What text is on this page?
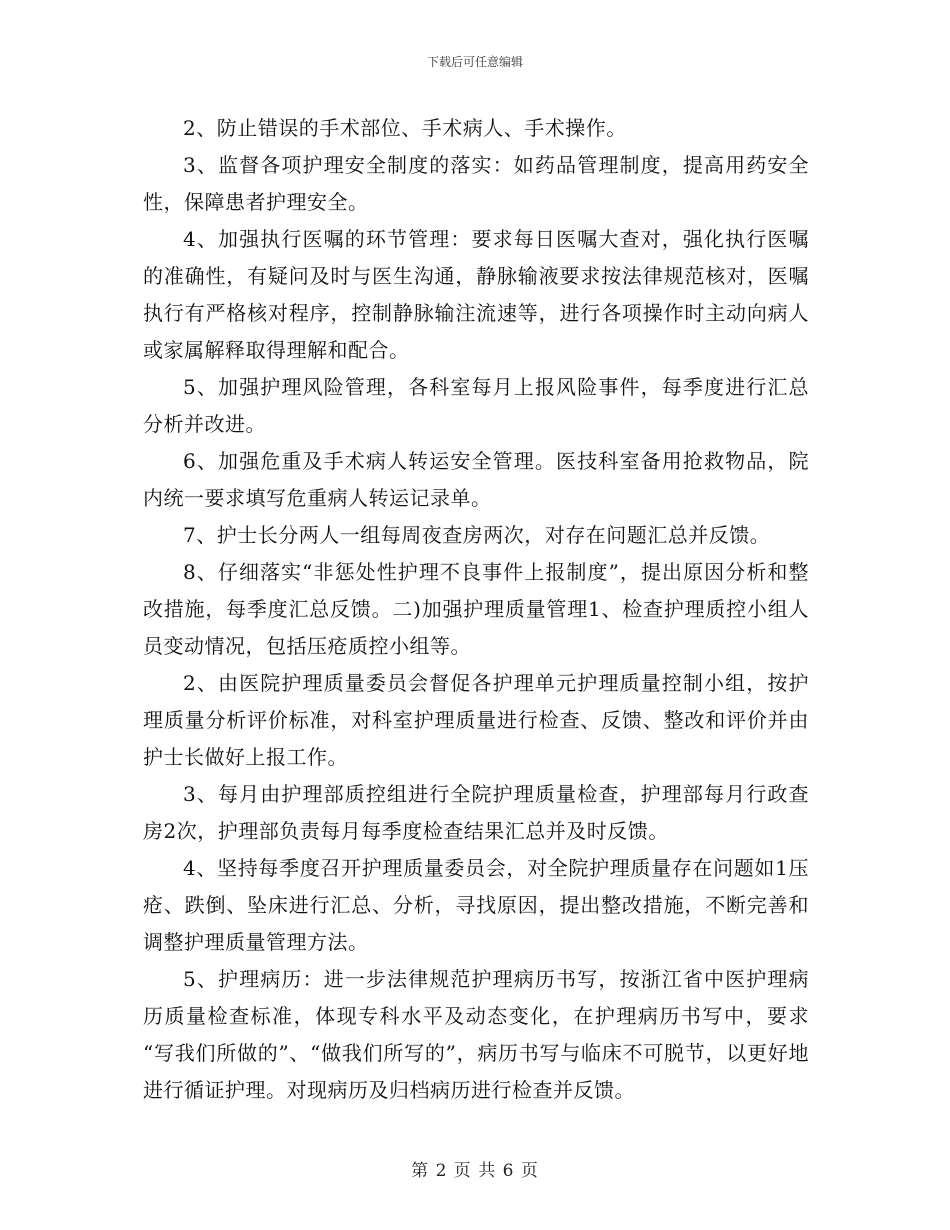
下载后可任意编辑

2、防止错误的手术部位、手术病人、手术操作。

3、监督各项护理安全制度的落实：如药品管理制度，提高用药安全性，保障患者护理安全。

4、加强执行医嘱的环节管理：要求每日医嘱大查对，强化执行医嘱的准确性，有疑问及时与医生沟通，静脉输液要求按法律规范核对，医嘱执行有严格核对程序，控制静脉输注流速等，进行各项操作时主动向病人或家属解释取得理解和配合。

5、加强护理风险管理，各科室每月上报风险事件，每季度进行汇总分析并改进。

6、加强危重及手术病人转运安全管理。医技科室备用抢救物品，院内统一要求填写危重病人转运记录单。

7、护士长分两人一组每周夜查房两次，对存在问题汇总并反馈。

8、仔细落实“非惩处性护理不良事件上报制度”，提出原因分析和整改措施，每季度汇总反馈。二)加强护理质量管理1、检查护理质控小组人员变动情况，包括压疮质控小组等。

2、由医院护理质量委员会督促各护理单元护理质量控制小组，按护理质量分析评价标准，对科室护理质量进行检查、反馈、整改和评价并由护士长做好上报工作。

3、每月由护理部质控组进行全院护理质量检查，护理部每月行政查房2次，护理部负责每月每季度检查结果汇总并及时反馈。

4、坚持每季度召开护理质量委员会，对全院护理质量存在问题如1压疮、跌倒、坠床进行汇总、分析，寻找原因，提出整改措施，不断完善和调整护理质量管理方法。

5、护理病历：进一步法律规范护理病历书写，按浙江省中医护理病历质量检查标准，体现专科水平及动态变化，在护理病历书写中，要求 “写我们所做的”、“做我们所写的”，病历书写与临床不可脱节，以更好地进行循证护理。对现病历及归档病历进行检查并反馈。

第 2 页 共 6 页
